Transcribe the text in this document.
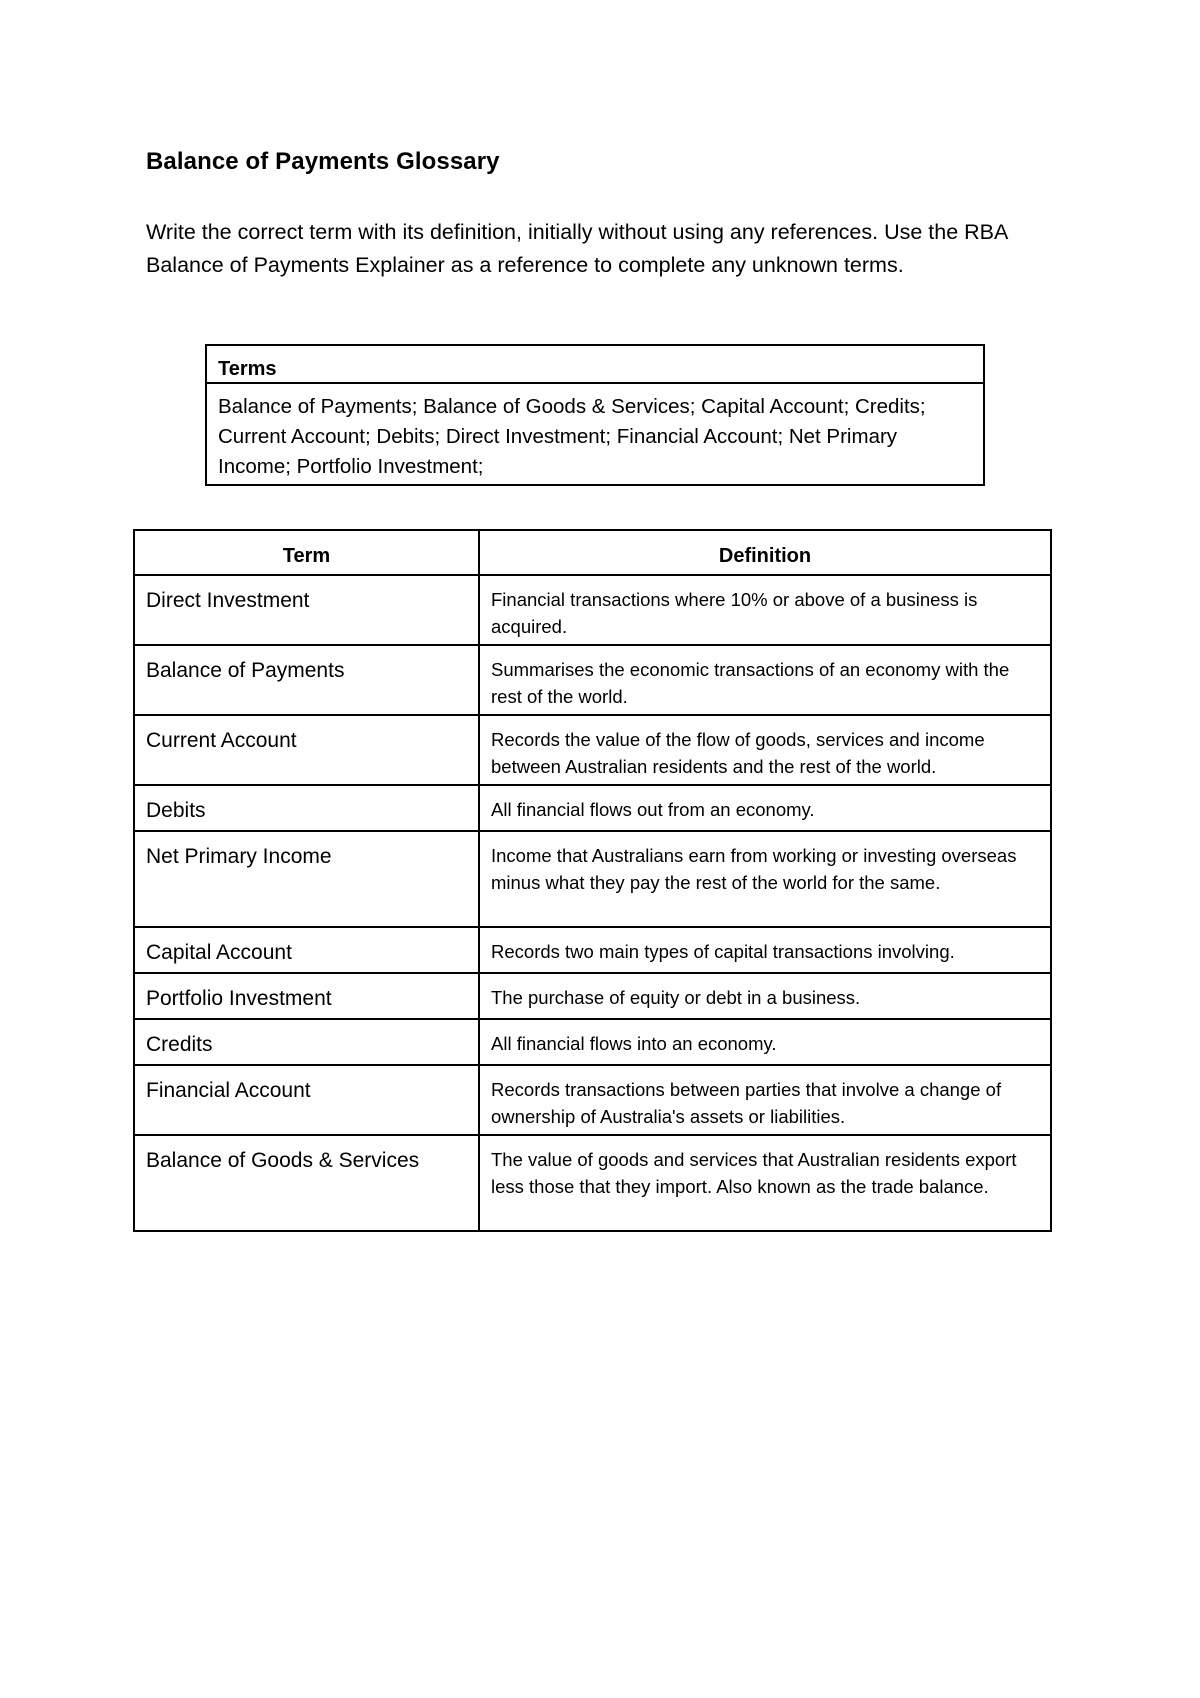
Balance of Payments Glossary
Write the correct term with its definition, initially without using any references. Use the RBA Balance of Payments Explainer as a reference to complete any unknown terms.
Terms
Balance of Payments; Balance of Goods & Services; Capital Account; Credits; Current Account; Debits; Direct Investment; Financial Account; Net Primary Income; Portfolio Investment;
Term	Definition
Direct Investment	Financial transactions where 10% or above of a business is acquired.
Balance of Payments	Summarises the economic transactions of an economy with the rest of the world.
Current Account	Records the value of the flow of goods, services and income between Australian residents and the rest of the world.
Debits	All financial flows out from an economy.
Net Primary Income	Income that Australians earn from working or investing overseas minus what they pay the rest of the world for the same.
Capital Account	Records two main types of capital transactions involving.
Portfolio Investment	The purchase of equity or debt in a business.
Credits	All financial flows into an economy.
Financial Account	Records transactions between parties that involve a change of ownership of Australia's assets or liabilities.
Balance of Goods & Services	The value of goods and services that Australian residents export less those that they import. Also known as the trade balance.
